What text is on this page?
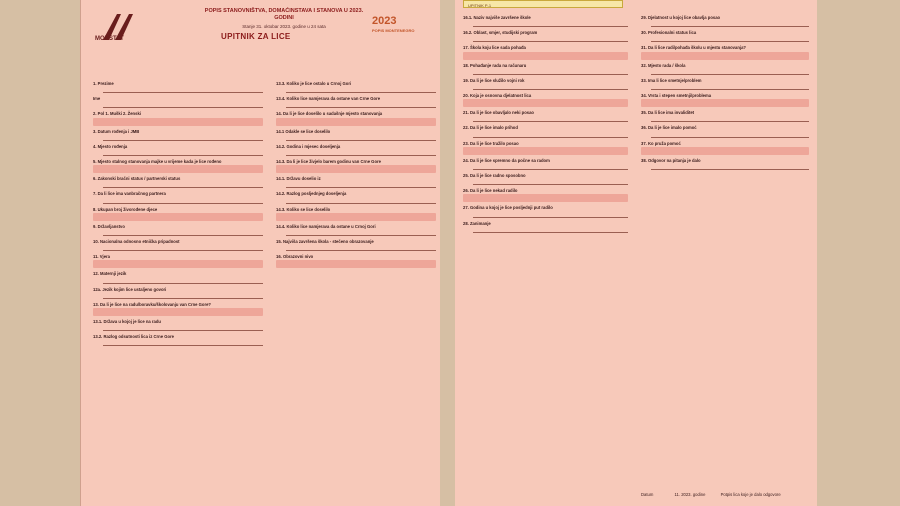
MONSTAT
POPIS STANOVNIŠTVA, DOMAĆINSTAVA I STANOVA U 2023. GODINI
Stanje 31. oktobar 2023. godine u 24 sata
UPITNIK ZA LICE
2023
POPIS MONTENEGRO
1. Prezime
Ime
2. Pol 1. Muški 2. Ženski
3. Datum rođenja i JMB
4. Mjesto rođenja
5. Mjesto stalnog stanovanja majke u vrijeme kada je lice rođeno
6. Zakonski bračni status / partnerski status
7. Da li lice ima vanbračnog partnera
8. Ukupan broj živorođene djece
9. Državljanstvo
10. Nacionalna odnosno etnička pripadnost
11. Vjera
12. Maternji jezik
12a. Jezik kojim lice ustaljeno govori
13. Da li je lice na radu/boravku/školovanju van Crne Gore?
13.1. Država u kojoj je lice na radu
13.2. Razlog odsutnosti lica iz Crne Gore
13.3. Koliko je lice ostalo u Crnoj Gori
13.4. Koliko lice namjerava da ostane van Crne Gore
14. Da li je lice doselilo u sadašnje mjesto stanovanja
14.1 Odakle se lice doselilo
14.2. Godina i mjesec doseljenja
14.3. Da li je lice živjelo barem godinu van Crne Gore
14.1. Državu doselio iz
14.2. Razlog posljednjeg doseljenja
14.3. Koliko se lice doselilo
14.4. Koliko lice namjerava da ostane u Crnoj Gori
15. Najviša završena škola - stečeno obrazovanje
16. Obrazovni nivo
UPITNIK P-1
16.1. Naziv najviše završene škole
16.2. Oblast, smjer, studijski program
17. Škola koju lice sada pohađa
18. Pohađanje rada na računaru
19. Da li je lice služilo vojni rok
20. Koja je osnovna djelatnost lica
21. Da li je lice obavljalo neki posao
22. Da li je lice imalo prihod
23. Da li je lice tražilo posao
24. Da li je lice spremno da počne sa radom
25. Da li je lice radno sposobno
26. Da li je lice nekad radilo
27. Godina u kojoj je lice posljednji put radilo
28. Zanimanje
29. Djelatnost u kojoj lice obavlja posao
30. Profesionalni status lica
31. Da li lice radi/pohađa školu u mjestu stanovanja?
32. Mjesto rada / škola
33. Ima li lice smetnje/problem
34. Vrsta i stepen smetnji/problema
35. Da li lice ima invaliditet
36. Da li je lice imalo pomoć
37. Ko pruža pomoć
38. Odgovor na pitanja je dalo
Datum	11. 2023. godine	Potpis lica koje je dalo odgovore
